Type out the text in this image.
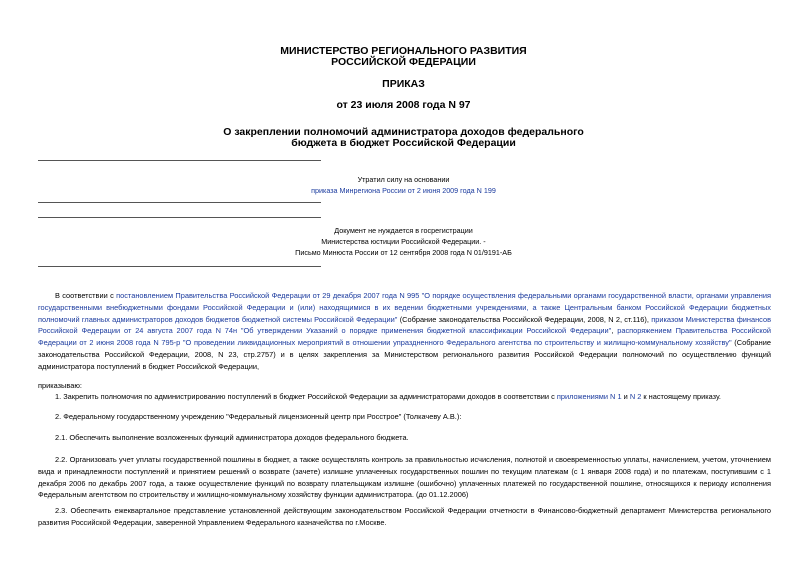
МИНИСТЕРСТВО РЕГИОНАЛЬНОГО РАЗВИТИЯ
РОССИЙСКОЙ ФЕДЕРАЦИИ
ПРИКАЗ
от 23 июля 2008 года N 97
О закреплении полномочий администратора доходов федерального
бюджета в бюджет Российской Федерации
Утратил силу на основании
приказа Минрегиона России от 2 июня 2009 года N 199
Документ не нуждается в госрегистрации
Министерства юстиции Российской Федерации. -
Письмо Минюста России от 12 сентября 2008 года N 01/9191-АБ
В соответствии с постановлением Правительства Российской Федерации от 29 декабря 2007 года N 995 "О порядке осуществления федеральными органами государственной власти, органами управления государственными внебюджетными фондами Российской Федерации и (или) находящимися в их ведении бюджетными учреждениями, а также Центральным банком Российской Федерации бюджетных полномочий главных администраторов доходов бюджетов бюджетной системы Российской Федерации" (Собрание законодательства Российской Федерации, 2008, N 2, ст.116), приказом Министерства финансов Российской Федерации от 24 августа 2007 года N 74н "Об утверждении Указаний о порядке применения бюджетной классификации Российской Федерации", распоряжением Правительства Российской Федерации от 2 июня 2008 года N 795-р "О проведении ликвидационных мероприятий в отношении упраздненного Федерального агентства по строительству и жилищно-коммунальному хозяйству" (Собрание законодательства Российской Федерации, 2008, N 23, стр.2757) и в целях закрепления за Министерством регионального развития Российской Федерации полномочий по осуществлению функций администратора поступлений в бюджет Российской Федерации,
приказываю:
1. Закрепить полномочия по администрированию поступлений в бюджет Российской Федерации за администраторами доходов в соответствии с приложениями N 1 и N 2 к настоящему приказу.
2. Федеральному государственному учреждению "Федеральный лицензионный центр при Росстрое" (Толкачеву А.В.):
2.1. Обеспечить выполнение возложенных функций администратора доходов федерального бюджета.
2.2. Организовать учет уплаты государственной пошлины в бюджет, а также осуществлять контроль за правильностью исчисления, полнотой и своевременностью уплаты, начислением, учетом, уточнением вида и принадлежности поступлений и принятием решений о возврате (зачете) излишне уплаченных государственных пошлин по текущим платежам (с 1 января 2008 года) и по платежам, поступившим с 1 декабря 2006 по декабрь 2007 года, а также осуществление функций по возврату плательщикам излишне (ошибочно) уплаченных платежей по государственной пошлине, относящихся к периоду исполнения Федеральным агентством по строительству и жилищно-коммунальному хозяйству функции администратора. (до 01.12.2006)
2.3. Обеспечить ежеквартальное представление установленной действующим законодательством Российской Федерации отчетности в Финансово-бюджетный департамент Министерства регионального развития Российской Федерации, заверенной Управлением Федерального казначейства по г.Москве.
